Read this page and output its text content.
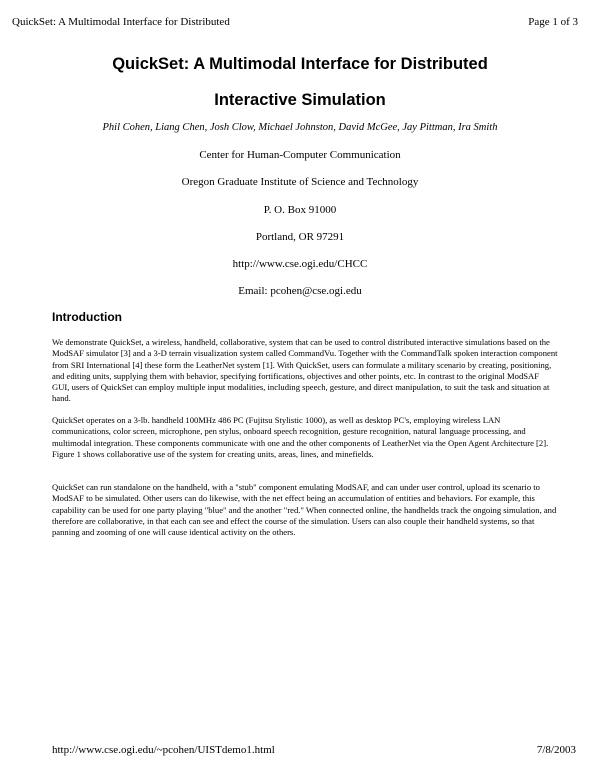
QuickSet: A Multimodal Interface for Distributed	Page 1 of 3
QuickSet: A Multimodal Interface for Distributed
Interactive Simulation
Phil Cohen, Liang Chen, Josh Clow, Michael Johnston, David McGee, Jay Pittman, Ira Smith
Center for Human-Computer Communication
Oregon Graduate Institute of Science and Technology
P. O. Box 91000
Portland, OR 97291
http://www.cse.ogi.edu/CHCC
Email: pcohen@cse.ogi.edu
Introduction
We demonstrate QuickSet, a wireless, handheld, collaborative, system that can be used to control distributed interactive simulations based on the ModSAF simulator [3] and a 3-D terrain visualization system called CommandVu. Together with the CommandTalk spoken interaction component from SRI International [4] these form the LeatherNet system [1]. With QuickSet, users can formulate a military scenario by creating, positioning, and editing units, supplying them with behavior, specifying fortifications, objectives and other points, etc. In contrast to the original ModSAF GUI, users of QuickSet can employ multiple input modalities, including speech, gesture, and direct manipulation, to suit the task and situation at hand.
QuickSet operates on a 3-lb. handheld 100MHz 486 PC (Fujitsu Stylistic 1000), as well as desktop PC's, employing wireless LAN communications, color screen, microphone, pen stylus, onboard speech recognition, gesture recognition, natural language processing, and multimodal integration. These components communicate with one and the other components of LeatherNet via the Open Agent Architecture [2]. Figure 1 shows collaborative use of the system for creating units, areas, lines, and minefields.
QuickSet can run standalone on the handheld, with a "stub" component emulating ModSAF, and can under user control, upload its scenario to ModSAF to be simulated. Other users can do likewise, with the net effect being an accumulation of entities and behaviors. For example, this capability can be used for one party playing "blue" and the another "red." When connected online, the handhelds track the ongoing simulation, and therefore are collaborative, in that each can see and effect the course of the simulation. Users can also couple their handheld systems, so that panning and zooming of one will cause identical activity on the others.
http://www.cse.ogi.edu/~pcohen/UISTdemo1.html	7/8/2003
